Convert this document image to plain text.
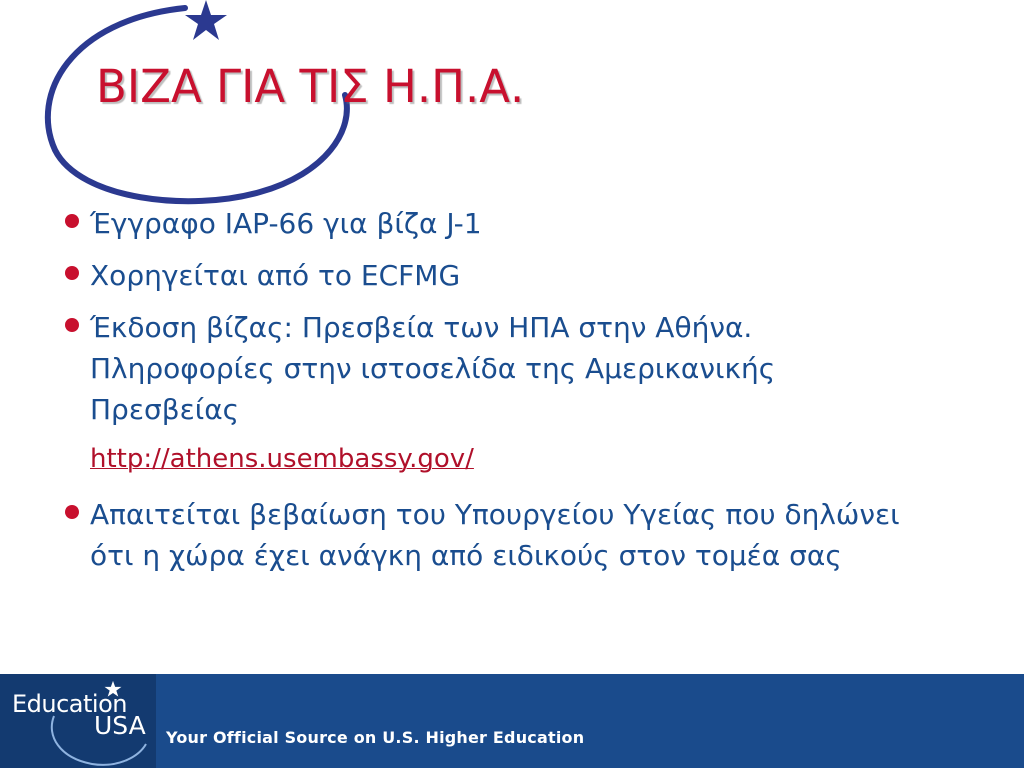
ΒΙΖΑ ΓΙΑ ΤΙΣ Η.Π.Α.
Έγγραφο IAP-66 για βίζα J-1
Χορηγείται από το ECFMG
Έκδοση βίζας: Πρεσβεία των ΗΠΑ στην Αθήνα. Πληροφορίες στην ιστοσελίδα της Αμερικανικής Πρεσβείας
http://athens.usembassy.gov/
Απαιτείται βεβαίωση του Υπουργείου Υγείας που δηλώνει ότι η χώρα έχει ανάγκη από ειδικούς στον τομέα σας
Education
USA Your Official Source on U.S. Higher Education
